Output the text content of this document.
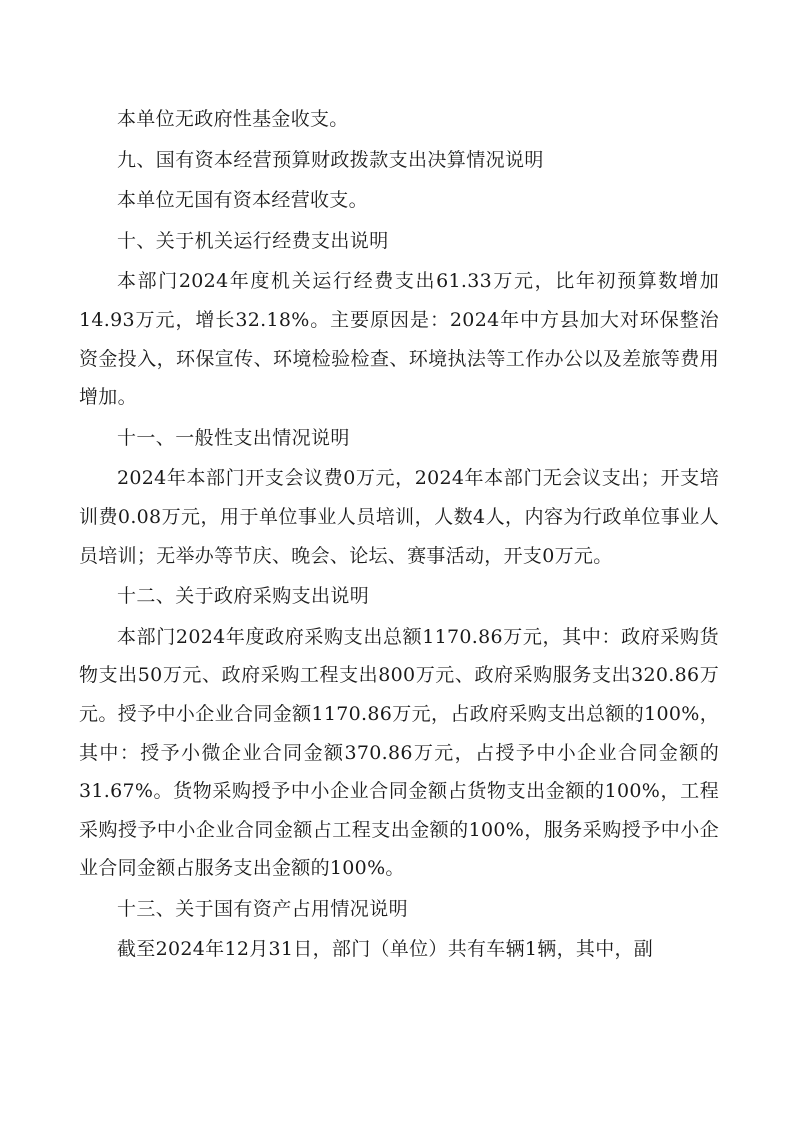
本单位无政府性基金收支。

九、国有资本经营预算财政拨款支出决算情况说明

本单位无国有资本经营收支。

十、关于机关运行经费支出说明

本部门2024年度机关运行经费支出61.33万元，比年初预算数增加14.93万元，增长32.18%。主要原因是：2024年中方县加大对环保整治资金投入，环保宣传、环境检验检查、环境执法等工作办公以及差旅等费用增加。

十一、一般性支出情况说明

2024年本部门开支会议费0万元，2024年本部门无会议支出；开支培训费0.08万元，用于单位事业人员培训，人数4人，内容为行政单位事业人员培训；无举办等节庆、晚会、论坛、赛事活动，开支0万元。

十二、关于政府采购支出说明

本部门2024年度政府采购支出总额1170.86万元，其中：政府采购货物支出50万元、政府采购工程支出800万元、政府采购服务支出320.86万元。授予中小企业合同金额1170.86万元，占政府采购支出总额的100%，其中：授予小微企业合同金额370.86万元，占授予中小企业合同金额的31.67%。货物采购授予中小企业合同金额占货物支出金额的100%，工程采购授予中小企业合同金额占工程支出金额的100%，服务采购授予中小企业合同金额占服务支出金额的100%。

十三、关于国有资产占用情况说明

截至2024年12月31日，部门（单位）共有车辆1辆，其中，副
